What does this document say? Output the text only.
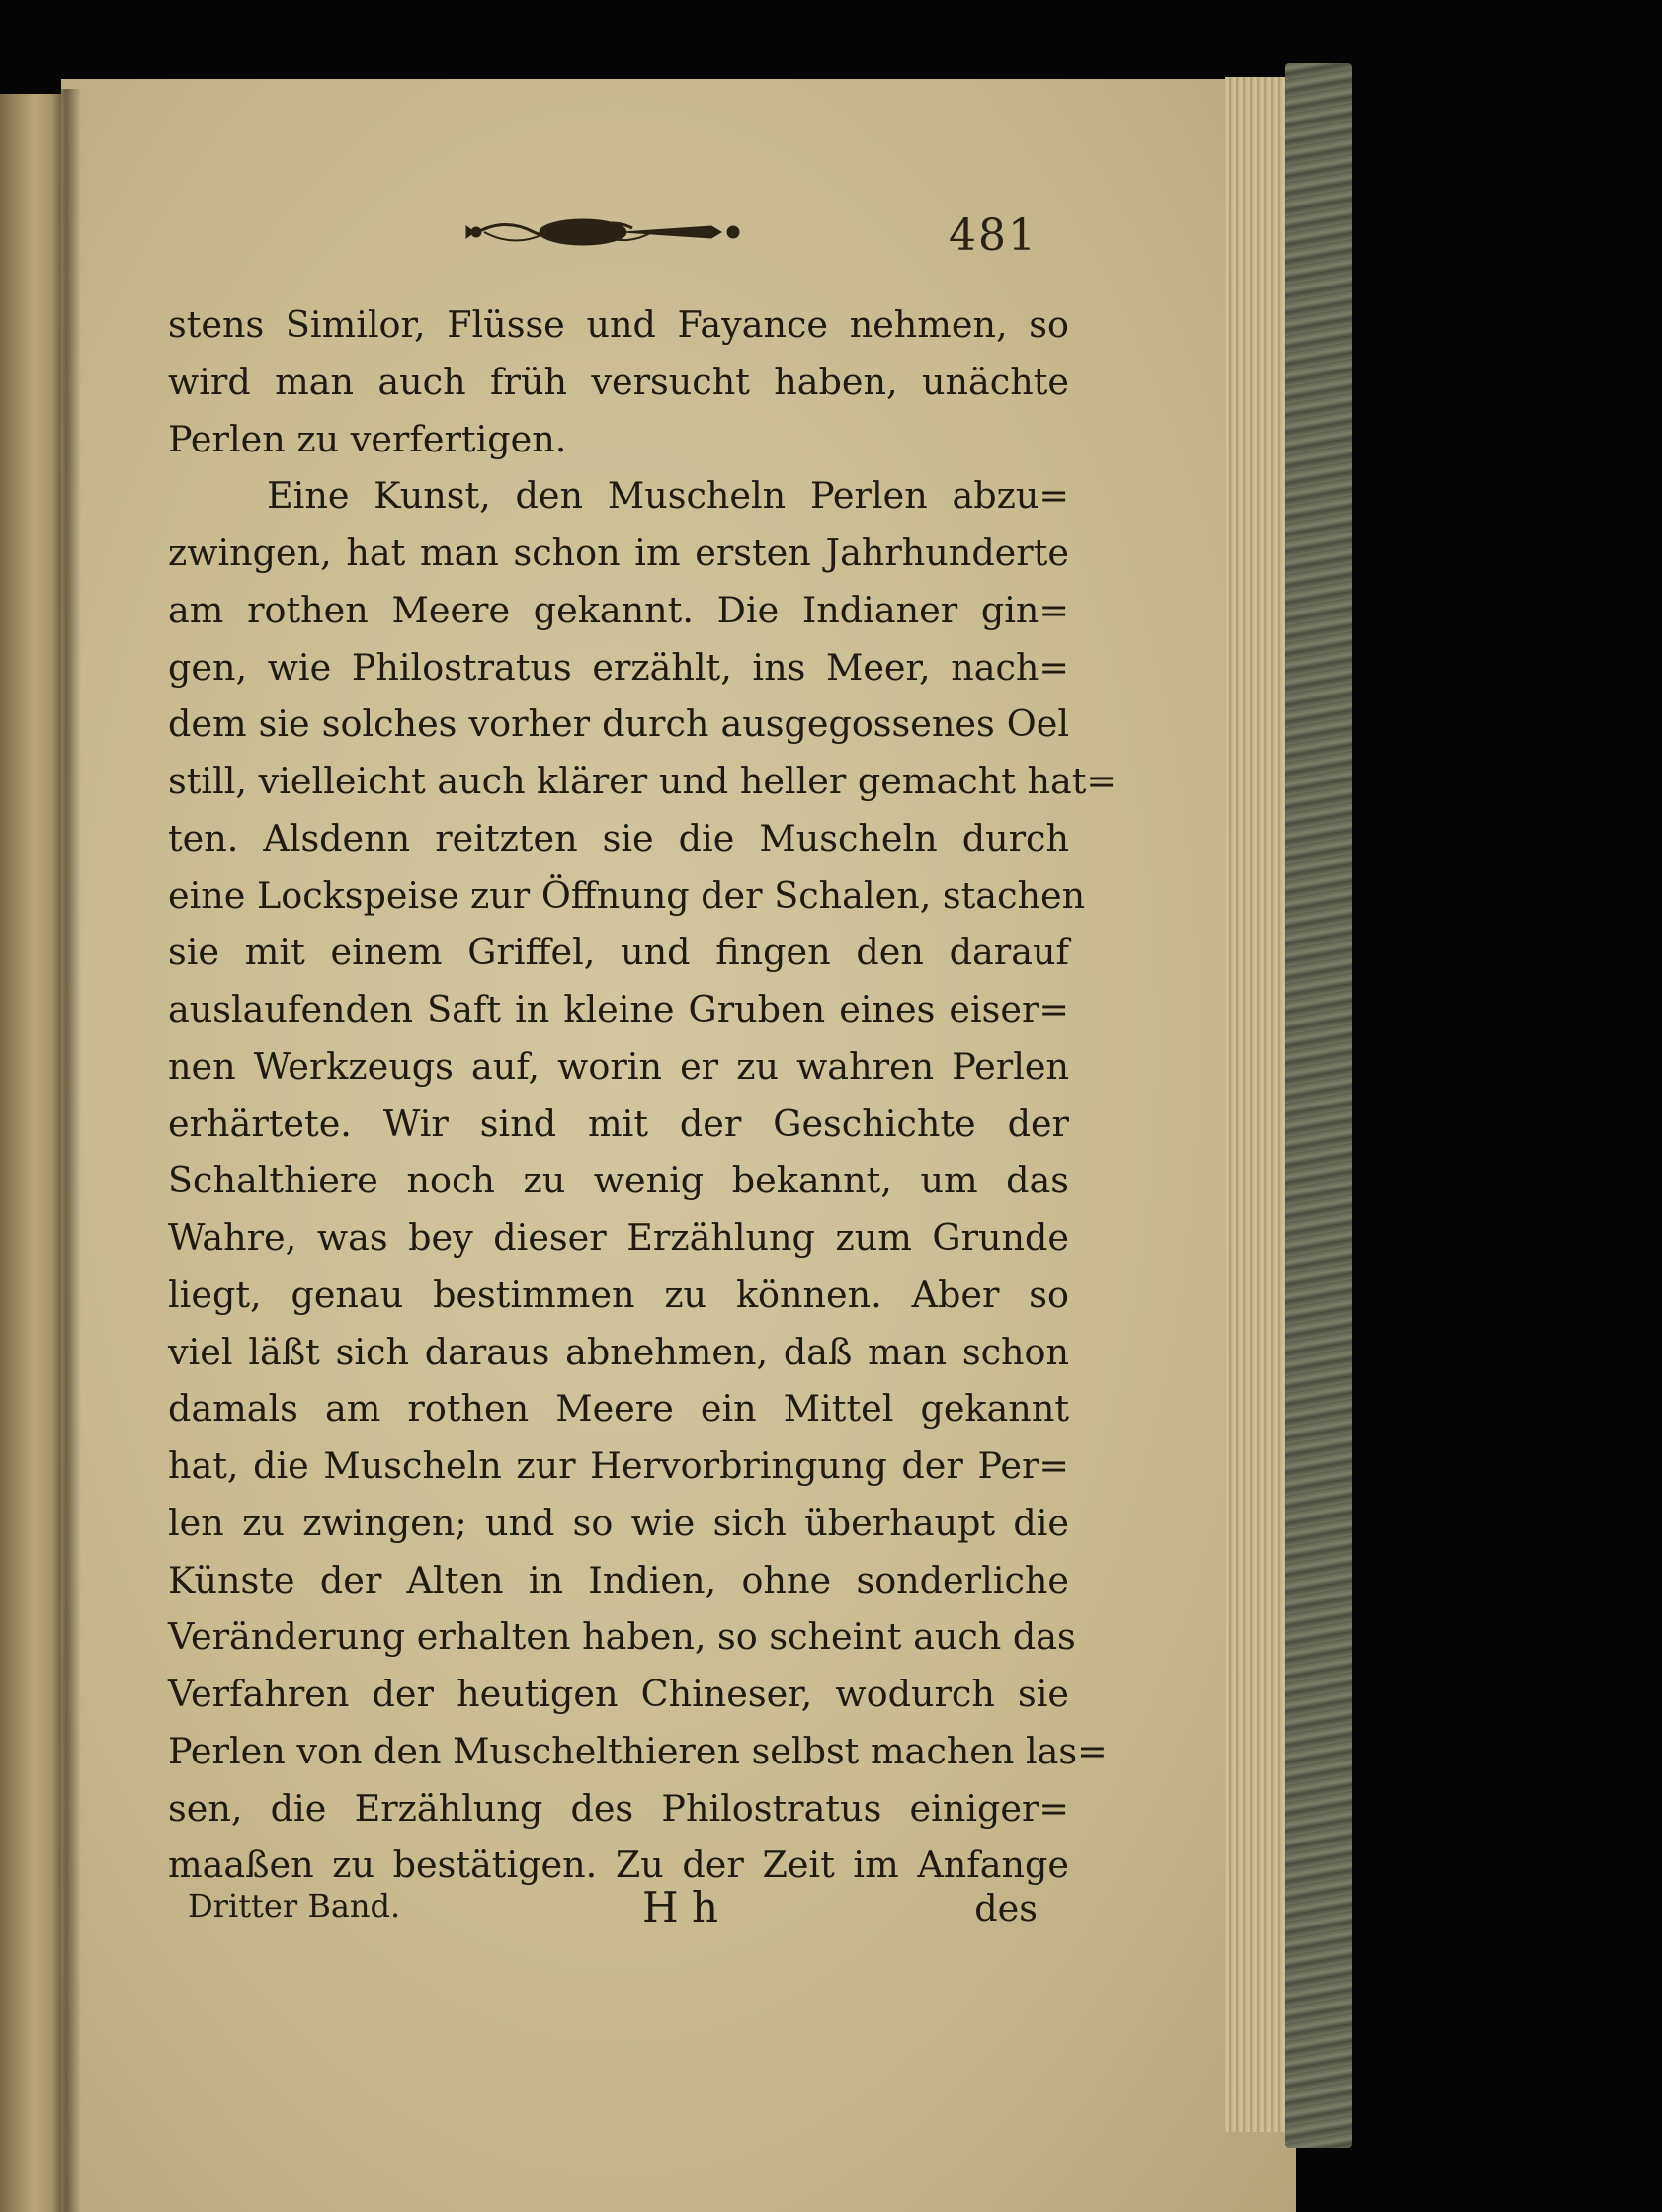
481
stens Similor, Flüsse und Fayance nehmen, so
wird man auch früh versucht haben, unächte
Perlen zu verfertigen.
Eine Kunst, den Muscheln Perlen abzu=
zwingen, hat man schon im ersten Jahrhunderte
am rothen Meere gekannt. Die Indianer gin=
gen, wie Philostratus erzählt, ins Meer, nach=
dem sie solches vorher durch ausgegossenes Oel
still, vielleicht auch klärer und heller gemacht hat=
ten. Alsdenn reitzten sie die Muscheln durch
eine Lockspeise zur Öffnung der Schalen, stachen
sie mit einem Griffel, und fingen den darauf
auslaufenden Saft in kleine Gruben eines eiser=
nen Werkzeugs auf, worin er zu wahren Perlen
erhärtete. Wir sind mit der Geschichte der
Schalthiere noch zu wenig bekannt, um das
Wahre, was bey dieser Erzählung zum Grunde
liegt, genau bestimmen zu können. Aber so
viel läßt sich daraus abnehmen, daß man schon
damals am rothen Meere ein Mittel gekannt
hat, die Muscheln zur Hervorbringung der Per=
len zu zwingen; und so wie sich überhaupt die
Künste der Alten in Indien, ohne sonderliche
Veränderung erhalten haben, so scheint auch das
Verfahren der heutigen Chineser, wodurch sie
Perlen von den Muschelthieren selbst machen las=
sen, die Erzählung des Philostratus einiger=
maaßen zu bestätigen. Zu der Zeit im Anfange
Dritter Band.	H h	des
